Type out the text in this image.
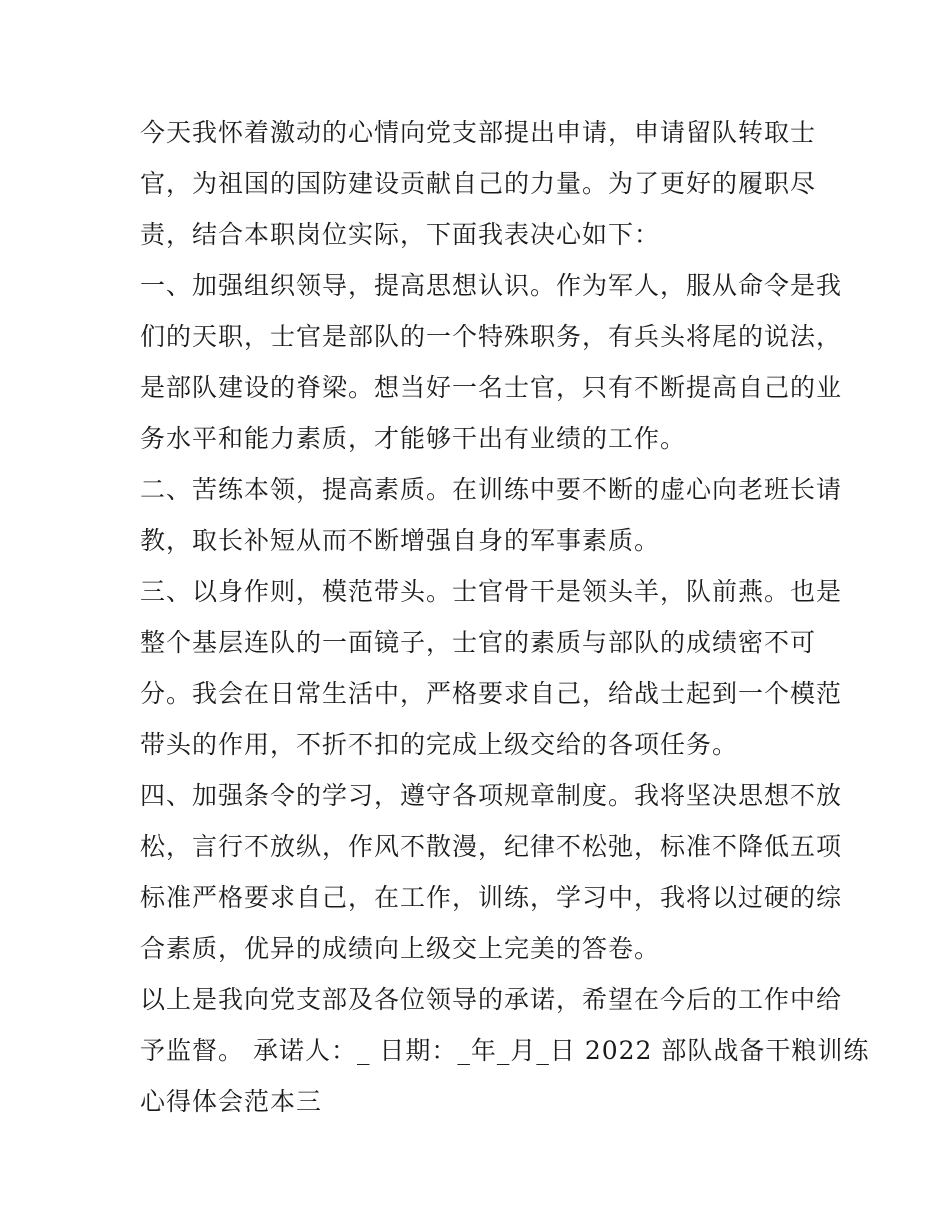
今天我怀着激动的心情向党支部提出申请，申请留队转取士
官，为祖国的国防建设贡献自己的力量。为了更好的履职尽
责，结合本职岗位实际，下面我表决心如下：
一、加强组织领导，提高思想认识。作为军人，服从命令是我
们的天职，士官是部队的一个特殊职务，有兵头将尾的说法，
是部队建设的脊梁。想当好一名士官，只有不断提高自己的业
务水平和能力素质，才能够干出有业绩的工作。
二、苦练本领，提高素质。在训练中要不断的虚心向老班长请
教，取长补短从而不断增强自身的军事素质。
三、以身作则，模范带头。士官骨干是领头羊，队前燕。也是
整个基层连队的一面镜子，士官的素质与部队的成绩密不可
分。我会在日常生活中，严格要求自己，给战士起到一个模范
带头的作用，不折不扣的完成上级交给的各项任务。
四、加强条令的学习，遵守各项规章制度。我将坚决思想不放
松，言行不放纵，作风不散漫，纪律不松弛，标准不降低五项
标准严格要求自己，在工作，训练，学习中，我将以过硬的综
合素质，优异的成绩向上级交上完美的答卷。
以上是我向党支部及各位领导的承诺，希望在今后的工作中给
予监督。 承诺人：_ 日期：_年_月_日 2022 部队战备干粮训练
心得体会范本三
